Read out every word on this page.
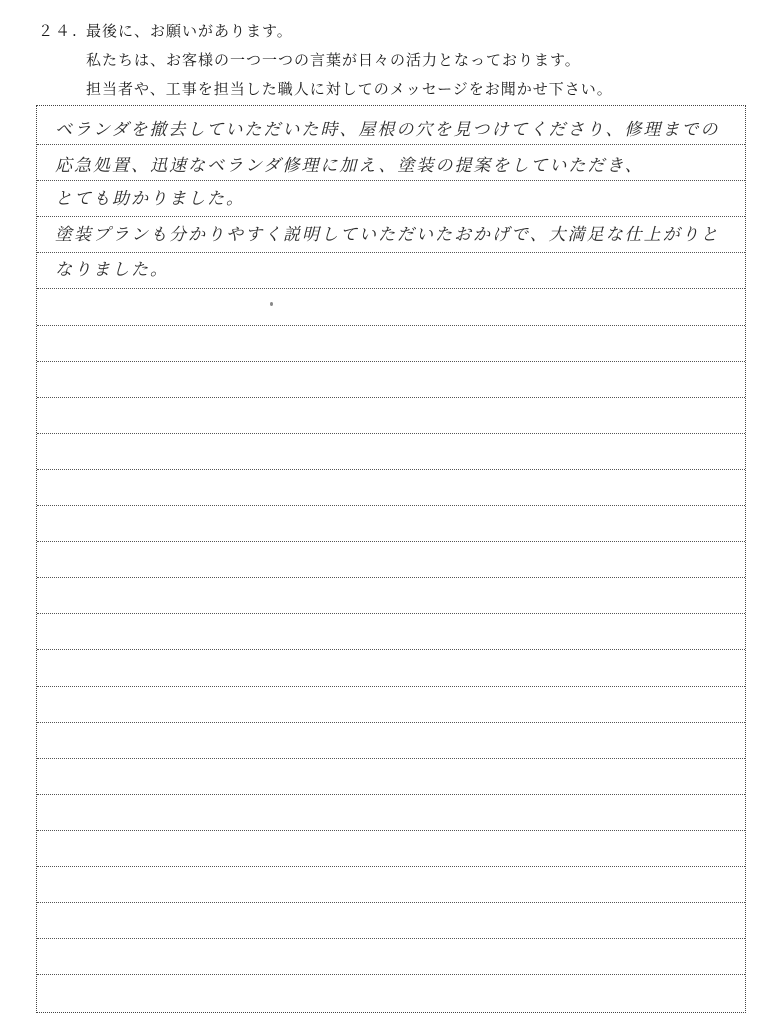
２４. 最後に、お願いがあります。
私たちは、お客様の一つ一つの言葉が日々の活力となっております。
担当者や、工事を担当した職人に対してのメッセージをお聞かせ下さい。
ベランダを撤去していただいた時、屋根の穴を見つけてくださり、修理までの
応急処置、迅速なベランダ修理に加え、塗装の提案をしていただき、
とても助かりました。
塗装プランも分かりやすく説明していただいたおかげで、大満足な仕上がりと
なりました。
